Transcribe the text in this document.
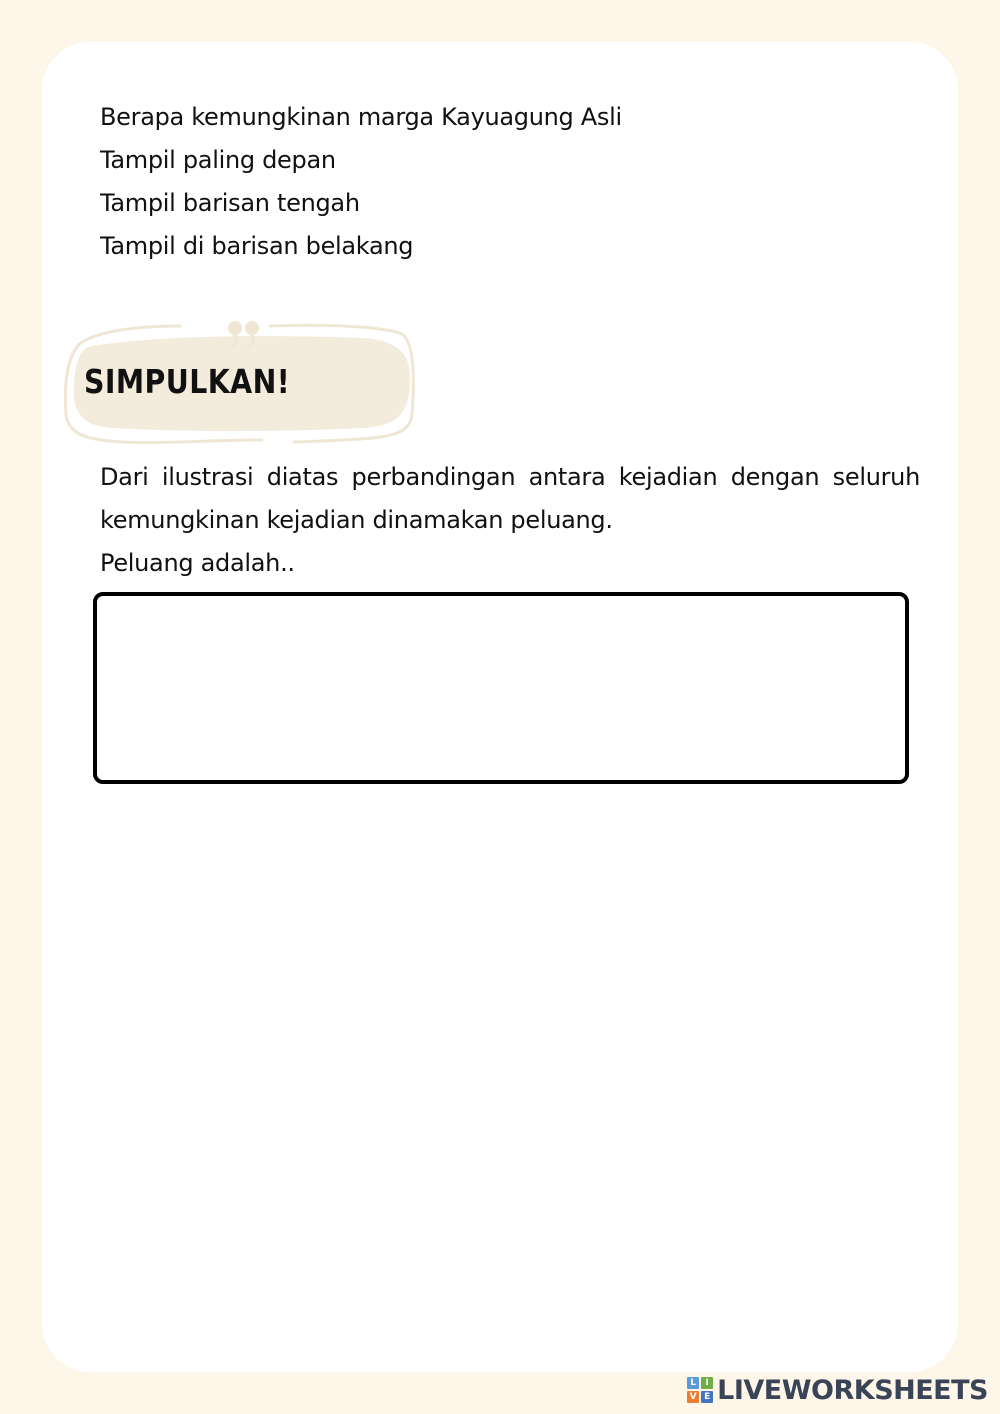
Berapa kemungkinan marga Kayuagung Asli
Tampil paling depan
Tampil barisan tengah
Tampil di barisan belakang
SIMPULKAN!

Dari ilustrasi diatas perbandingan antara kejadian dengan seluruh kemungkinan kejadian dinamakan peluang.

Peluang adalah..

L	I
V E LIVEWORKSHEETS
